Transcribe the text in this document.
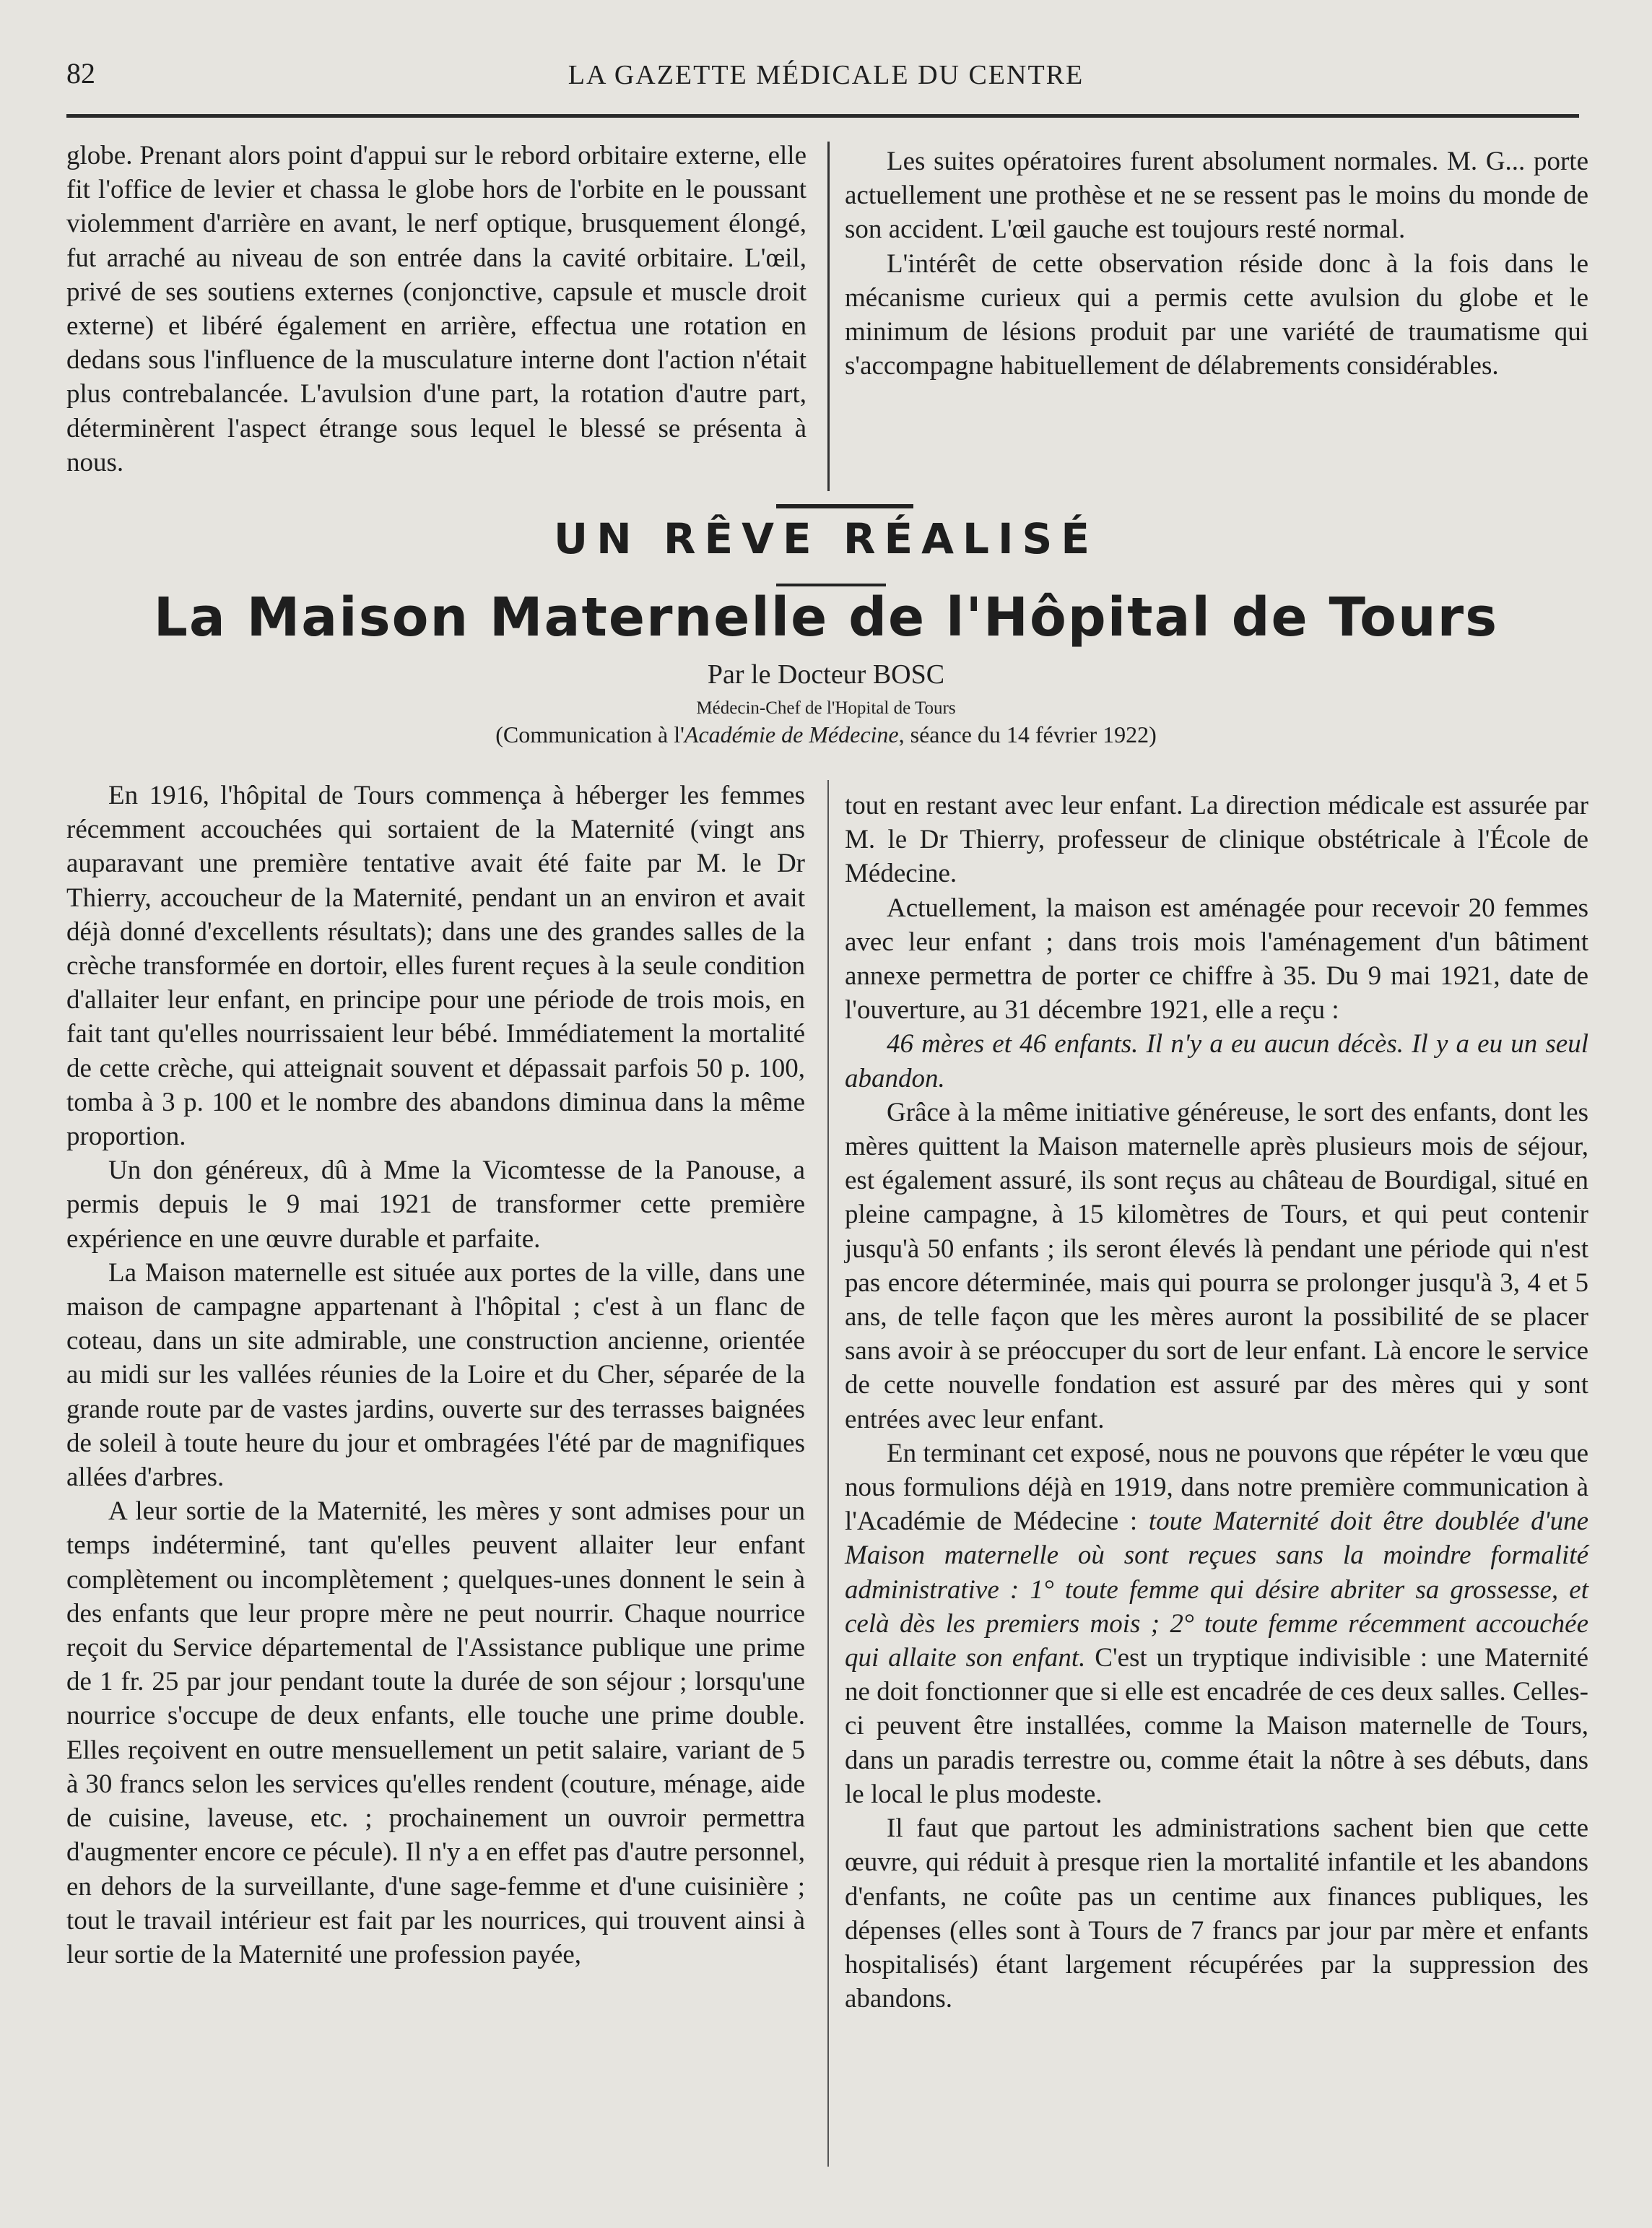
82	LA GAZETTE MÉDICALE DU CENTRE

globe. Prenant alors point d'appui sur le rebord orbitaire externe, elle fit l'office de levier et chassa le globe hors de l'orbite en le poussant violemment d'arrière en avant, le nerf optique, brusquement élongé, fut arraché au niveau de son entrée dans la cavité orbitaire. L'œil, privé de ses soutiens externes (conjonctive, capsule et muscle droit externe) et libéré également en arrière, effectua une rotation en dedans sous l'influence de la musculature interne dont l'action n'était plus contrebalancée. L'avulsion d'une part, la rotation d'autre part, déterminèrent l'aspect étrange sous lequel le blessé se présenta à nous.

Les suites opératoires furent absolument normales. M. G... porte actuellement une prothèse et ne se ressent pas le moins du monde de son accident. L'œil gauche est toujours resté normal.

L'intérêt de cette observation réside donc à la fois dans le mécanisme curieux qui a permis cette avulsion du globe et le minimum de lésions produit par une variété de traumatisme qui s'accompagne habituellement de délabrements considérables.

UN RÊVE RÉALISÉ
La Maison Maternelle de l'Hôpital de Tours
Par le Docteur BOSC
Médecin-Chef de l'Hopital de Tours
(Communication à l'Académie de Médecine, séance du 14 février 1922)

En 1916, l'hôpital de Tours commença à héberger les femmes récemment accouchées qui sortaient de la Maternité (vingt ans auparavant une première tentative avait été faite par M. le Dr Thierry, accoucheur de la Maternité, pendant un an environ et avait déjà donné d'excellents résultats); dans une des grandes salles de la crèche transformée en dortoir, elles furent reçues à la seule condition d'allaiter leur enfant, en principe pour une période de trois mois, en fait tant qu'elles nourrissaient leur bébé. Immédiatement la mortalité de cette crèche, qui atteignait souvent et dépassait parfois 50 p. 100, tomba à 3 p. 100 et le nombre des abandons diminua dans la même proportion.

Un don généreux, dû à Mme la Vicomtesse de la Panouse, a permis depuis le 9 mai 1921 de transformer cette première expérience en une œuvre durable et parfaite.

La Maison maternelle est située aux portes de la ville, dans une maison de campagne appartenant à l'hôpital ; c'est à un flanc de coteau, dans un site admirable, une construction ancienne, orientée au midi sur les vallées réunies de la Loire et du Cher, séparée de la grande route par de vastes jardins, ouverte sur des terrasses baignées de soleil à toute heure du jour et ombragées l'été par de magnifiques allées d'arbres.

A leur sortie de la Maternité, les mères y sont admises pour un temps indéterminé, tant qu'elles peuvent allaiter leur enfant complètement ou incomplètement ; quelques-unes donnent le sein à des enfants que leur propre mère ne peut nourrir. Chaque nourrice reçoit du Service départemental de l'Assistance publique une prime de 1 fr. 25 par jour pendant toute la durée de son séjour ; lorsqu'une nourrice s'occupe de deux enfants, elle touche une prime double. Elles reçoivent en outre mensuellement un petit salaire, variant de 5 à 30 francs selon les services qu'elles rendent (couture, ménage, aide de cuisine, laveuse, etc. ; prochainement un ouvroir permettra d'augmenter encore ce pécule). Il n'y a en effet pas d'autre personnel, en dehors de la surveillante, d'une sage-femme et d'une cuisinière ; tout le travail intérieur est fait par les nourrices, qui trouvent ainsi à leur sortie de la Maternité une profession payée,

tout en restant avec leur enfant. La direction médicale est assurée par M. le Dr Thierry, professeur de clinique obstétricale à l'École de Médecine.

Actuellement, la maison est aménagée pour recevoir 20 femmes avec leur enfant ; dans trois mois l'aménagement d'un bâtiment annexe permettra de porter ce chiffre à 35. Du 9 mai 1921, date de l'ouverture, au 31 décembre 1921, elle a reçu :

46 mères et 46 enfants. Il n'y a eu aucun décès. Il y a eu un seul abandon.

Grâce à la même initiative généreuse, le sort des enfants, dont les mères quittent la Maison maternelle après plusieurs mois de séjour, est également assuré, ils sont reçus au château de Bourdigal, situé en pleine campagne, à 15 kilomètres de Tours, et qui peut contenir jusqu'à 50 enfants ; ils seront élevés là pendant une période qui n'est pas encore déterminée, mais qui pourra se prolonger jusqu'à 3, 4 et 5 ans, de telle façon que les mères auront la possibilité de se placer sans avoir à se préoccuper du sort de leur enfant. Là encore le service de cette nouvelle fondation est assuré par des mères qui y sont entrées avec leur enfant.

En terminant cet exposé, nous ne pouvons que répéter le vœu que nous formulions déjà en 1919, dans notre première communication à l'Académie de Médecine : toute Maternité doit être doublée d'une Maison maternelle où sont reçues sans la moindre formalité administrative : 1° toute femme qui désire abriter sa grossesse, et celà dès les premiers mois ; 2° toute femme récemment accouchée qui allaite son enfant. C'est un tryptique indivisible : une Maternité ne doit fonctionner que si elle est encadrée de ces deux salles. Celles-ci peuvent être installées, comme la Maison maternelle de Tours, dans un paradis terrestre ou, comme était la nôtre à ses débuts, dans le local le plus modeste.

Il faut que partout les administrations sachent bien que cette œuvre, qui réduit à presque rien la mortalité infantile et les abandons d'enfants, ne coûte pas un centime aux finances publiques, les dépenses (elles sont à Tours de 7 francs par jour par mère et enfants hospitalisés) étant largement récupérées par la suppression des abandons.
